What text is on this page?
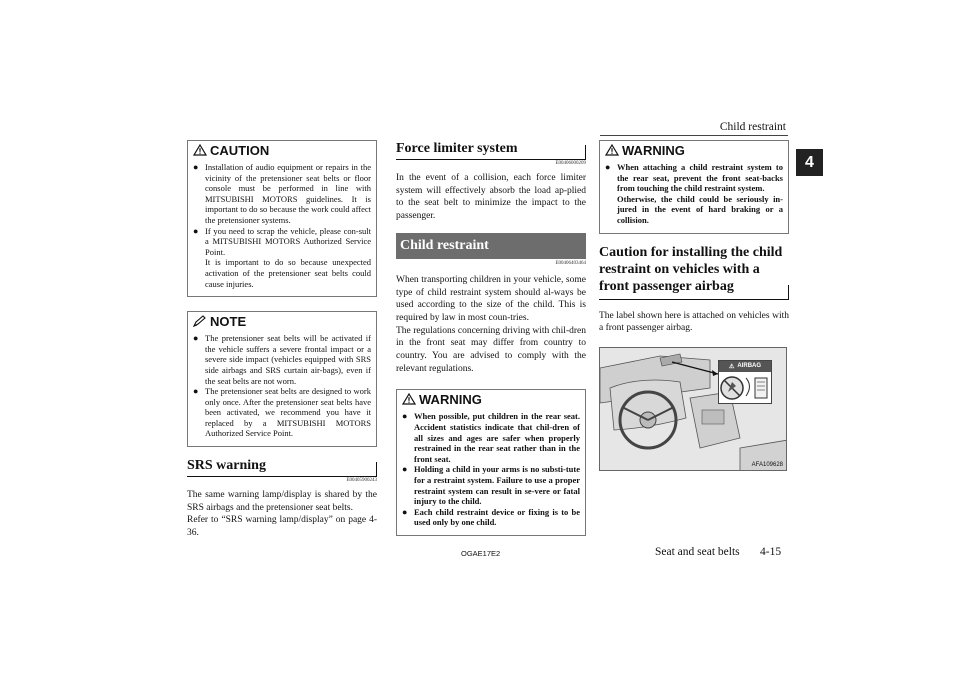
Child restraint
4
CAUTION
● Installation of audio equipment or repairs in the vicinity of the pretensioner seat belts or floor console must be performed in line with MITSUBISHI MOTORS guidelines. It is important to do so because the work could affect the pretensioner systems.

● If you need to scrap the vehicle, please con-sult a MITSUBISHI MOTORS Authorized Service Point.

It is important to do so because unexpected activation of the pretensioner seat belts could cause injuries.

NOTE
● The pretensioner seat belts will be activated if the vehicle suffers a severe frontal impact or a severe side impact (vehicles equipped with SRS side airbags and SRS curtain air-bags), even if the seat belts are not worn.

● The pretensioner seat belts are designed to work only once. After the pretensioner seat belts have been activated, we recommend you have it replaced by a MITSUBISHI MOTORS Authorized Service Point.

SRS warning
E00405900243

The same warning lamp/display is shared by the SRS airbags and the pretensioner seat belts.

Refer to “SRS warning lamp/display” on page 4-36.

Force limiter system
E00406000209

In the event of a collision, each force limiter system will effectively absorb the load ap-plied to the seat belt to minimize the impact to the passenger.

Child restraint
E00406403464

When transporting children in your vehicle, some type of child restraint system should al-ways be used according to the size of the child. This is required by law in most coun-tries.

The regulations concerning driving with chil-dren in the front seat may differ from country to country. You are advised to comply with the relevant regulations.

WARNING
● When possible, put children in the rear seat. Accident statistics indicate that chil-dren of all sizes and ages are safer when properly restrained in the rear seat rather than in the front seat.

● Holding a child in your arms is no substi-tute for a restraint system. Failure to use a proper restraint system can result in se-vere or fatal injury to the child.

● Each child restraint device or fixing is to be used only by one child.

WARNING
● When attaching a child restraint system to the rear seat, prevent the front seat-backs from touching the child restraint system.

Otherwise, the child could be seriously in-jured in the event of hard braking or a collision.

Caution for installing the child restraint on vehicles with a front passenger airbag

The label shown here is attached on vehicles with a front passenger airbag.

⚠ AIRBAG
AFA109628
OGAE17E2	Seat and seat belts 4-15
